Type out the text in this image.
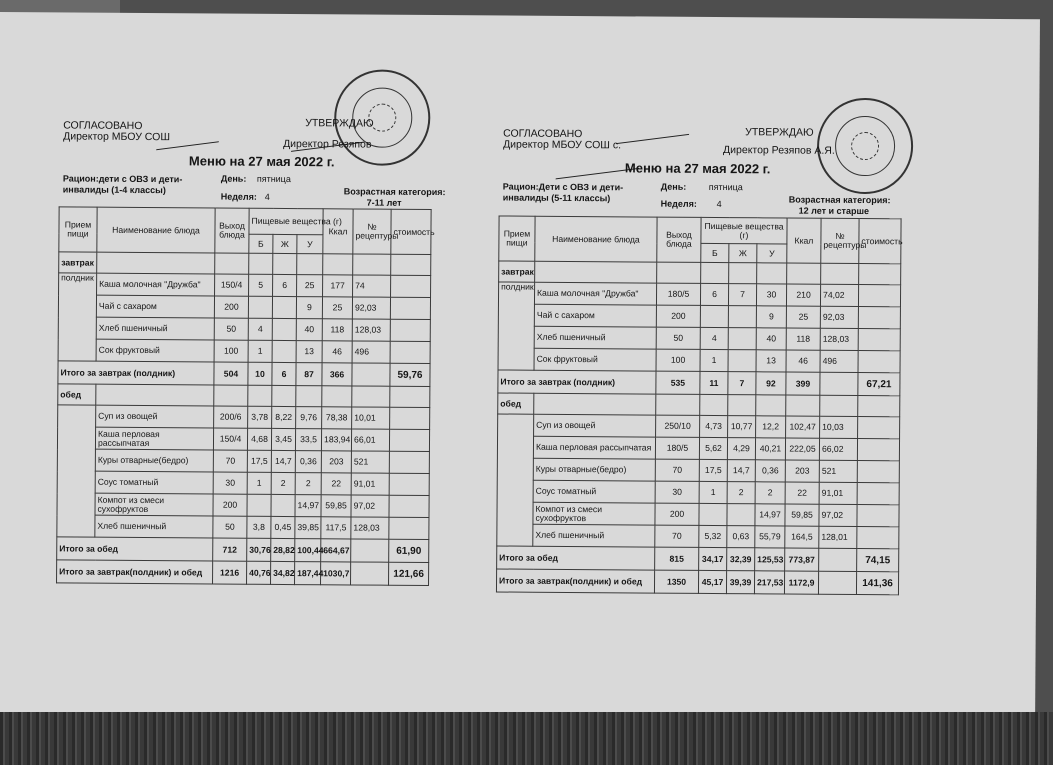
СОГЛАСОВАНО
Директор МБОУ СОШ
УТВЕРЖДАЮ
Директор Резяпов
Меню на 27 мая 2022 г.
Рацион:дети с ОВЗ и дети-
инвалиды (1-4 классы)
День: пятница
Неделя: 4	Возрастная категория:
7-11 лет
Прием пищи	Наименование блюда	Выход блюда	Пищевые вещества (г)			Ккал	№ рецептуры	стоимость
			Б	Ж	У			
завтрак								
полдник	Каша молочная "Дружба"	150/4	5	6	25	177	74	
	Чай с сахаром	200			9	25	92,03	
	Хлеб пшеничный	50	4		40	118	128,03	
	Сок фруктовый	100	1		13	46	496	
Итого за завтрак (полдник)		504	10	6	87	366		59,76
обед								
	Суп из овощей	200/6	3,78	8,22	9,76	78,38	10,01	
	Каша перловая рассыпчатая	150/4	4,68	3,45	33,5	183,94	66,01	
	Куры отварные(бедро)	70	17,5	14,7	0,36	203	521	
	Соус томатный	30	1	2	2	22	91,01	
	Компот из смеси сухофруктов	200			14,97	59,85	97,02	
	Хлеб пшеничный	50	3,8	0,45	39,85	117,5	128,03	
Итого за обед		712	30,76	28,82	100,44	664,67		61,90
Итого за завтрак(полдник) и обед		1216	40,76	34,82	187,44	1030,7		121,66
СОГЛАСОВАНО
Директор МБОУ СОШ с.
УТВЕРЖДАЮ
Директор Резяпов А.Я.
Меню на 27 мая 2022 г.
Рацион:Дети с ОВЗ и дети-
инвалиды (5-11 классы)
День: пятница
Неделя: 4	Возрастная категория:
12 лет и старше
Прием пищи	Наименование блюда	Выход блюда	Пищевые вещества (г)			Ккал	№ рецептуры	стоимость
			Б	Ж	У			
завтрак								
полдник	Каша молочная "Дружба"	180/5	6	7	30	210	74,02	
	Чай с сахаром	200			9	25	92,03	
	Хлеб пшеничный	50	4		40	118	128,03	
	Сок фруктовый	100	1		13	46	496	
Итого за завтрак (полдник)		535	11	7	92	399		67,21
обед								
	Суп из овощей	250/10	4,73	10,77	12,2	102,47	10,03	
	Каша перловая рассыпчатая	180/5	5,62	4,29	40,21	222,05	66,02	
	Куры отварные(бедро)	70	17,5	14,7	0,36	203	521	
	Соус томатный	30	1	2	2	22	91,01	
	Компот из смеси сухофруктов	200			14,97	59,85	97,02	
	Хлеб пшеничный	70	5,32	0,63	55,79	164,5	128,01	
Итого за обед		815	34,17	32,39	125,53	773,87		74,15
Итого за завтрак(полдник) и обед		1350	45,17	39,39	217,53	1172,9		141,36
